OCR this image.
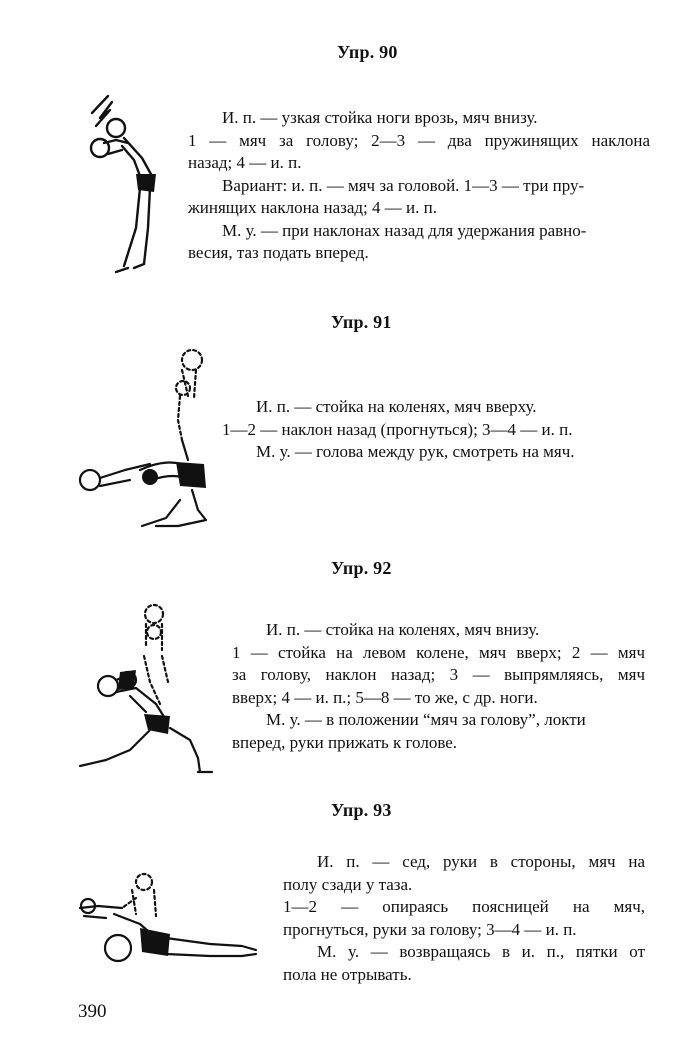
Упр. 90

И. п. — узкая стойка ноги врозь, мяч внизу.

1 — мяч за голову; 2—3 — два пружинящих наклона

назад; 4 — и. п.

Вариант: и. п. — мяч за головой. 1—3 — три пру-

жинящих наклона назад; 4 — и. п.

М. у. — при наклонах назад для удержания равно-

весия, таз подать вперед.

Упр. 91

И. п. — стойка на коленях, мяч вверху.

1—2 — наклон назад (прогнуться); 3—4 — и. п.

М. у. — голова между рук, смотреть на мяч.

Упр. 92

И. п. — стойка на коленях, мяч внизу.

1 — стойка на левом колене, мяч вверх; 2 — мяч

за голову, наклон назад; 3 — выпрямляясь, мяч

вверх; 4 — и. п.; 5—8 — то же, с др. ноги.

М. у. — в положении “мяч за голову”, локти

вперед, руки прижать к голове.

Упр. 93

И. п. — сед, руки в стороны, мяч на

полу сзади у таза.

1—2 — опираясь поясницей на мяч,

прогнуться, руки за голову; 3—4 — и. п.

М. у. — возвращаясь в и. п., пятки от

пола не отрывать.

390
